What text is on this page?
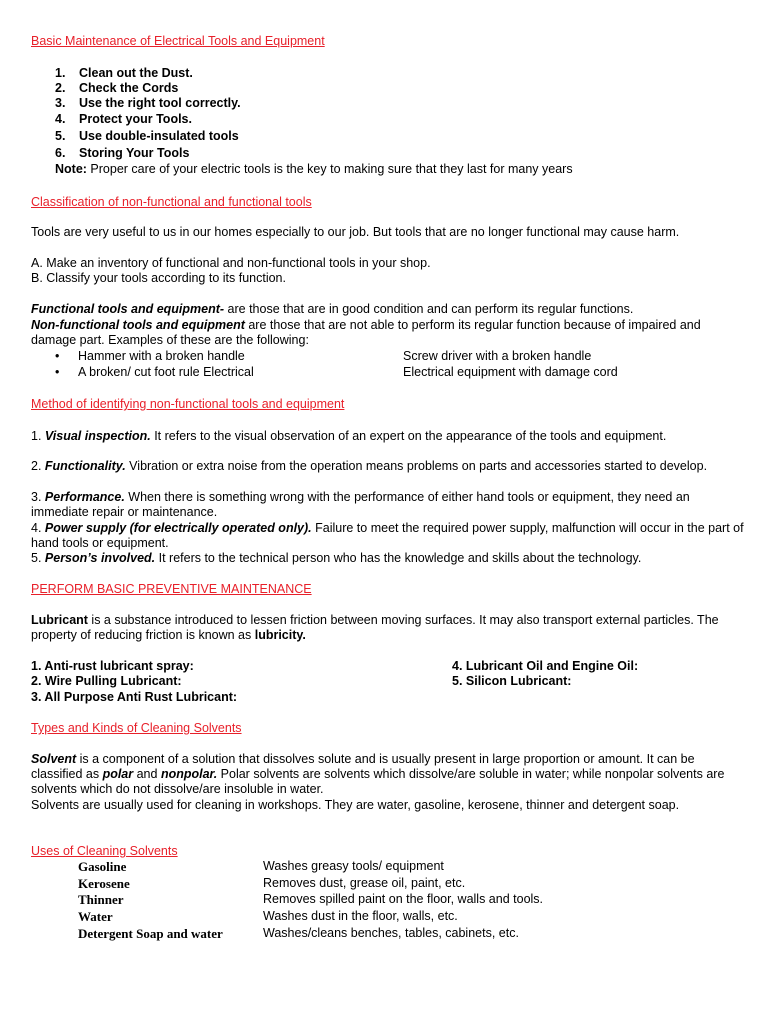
Basic Maintenance of Electrical Tools and Equipment
1. Clean out the Dust.
2. Check the Cords
3. Use the right tool correctly.
4. Protect your Tools.
5. Use double-insulated tools
6. Storing Your Tools
Note: Proper care of your electric tools is the key to making sure that they last for many years
Classification of non-functional and functional tools
Tools are very useful to us in our homes especially to our job. But tools that are no longer functional may cause harm.
A. Make an inventory of functional and non-functional tools in your shop.
B. Classify your tools according to its function.
Functional tools and equipment- are those that are in good condition and can perform its regular functions.
Non-functional tools and equipment are those that are not able to perform its regular function because of impaired and damage part. Examples of these are the following:
• Hammer with a broken handle	Screw driver with a broken handle
• A broken/ cut foot rule Electrical	Electrical equipment with damage cord
Method of identifying non-functional tools and equipment
1. Visual inspection. It refers to the visual observation of an expert on the appearance of the tools and equipment.
2. Functionality. Vibration or extra noise from the operation means problems on parts and accessories started to develop.
3. Performance. When there is something wrong with the performance of either hand tools or equipment, they need an immediate repair or maintenance.
4. Power supply (for electrically operated only). Failure to meet the required power supply, malfunction will occur in the part of hand tools or equipment.
5. Person’s involved. It refers to the technical person who has the knowledge and skills about the technology.
PERFORM BASIC PREVENTIVE MAINTENANCE
Lubricant is a substance introduced to lessen friction between moving surfaces. It may also transport external particles. The property of reducing friction is known as lubricity.
1. Anti-rust lubricant spray:
2. Wire Pulling Lubricant:
3. All Purpose Anti Rust Lubricant:
4. Lubricant Oil and Engine Oil:
5. Silicon Lubricant:
Types and Kinds of Cleaning Solvents
Solvent is a component of a solution that dissolves solute and is usually present in large proportion or amount. It can be classified as polar and nonpolar. Polar solvents are solvents which dissolve/are soluble in water; while nonpolar solvents are solvents which do not dissolve/are insoluble in water.
Solvents are usually used for cleaning in workshops. They are water, gasoline, kerosene, thinner and detergent soap.
Uses of Cleaning Solvents
Gasoline	Washes greasy tools/ equipment
Kerosene	Removes dust, grease oil, paint, etc.
Thinner	Removes spilled paint on the floor, walls and tools.
Water	Washes dust in the floor, walls, etc.
Detergent Soap and water	Washes/cleans benches, tables, cabinets, etc.
